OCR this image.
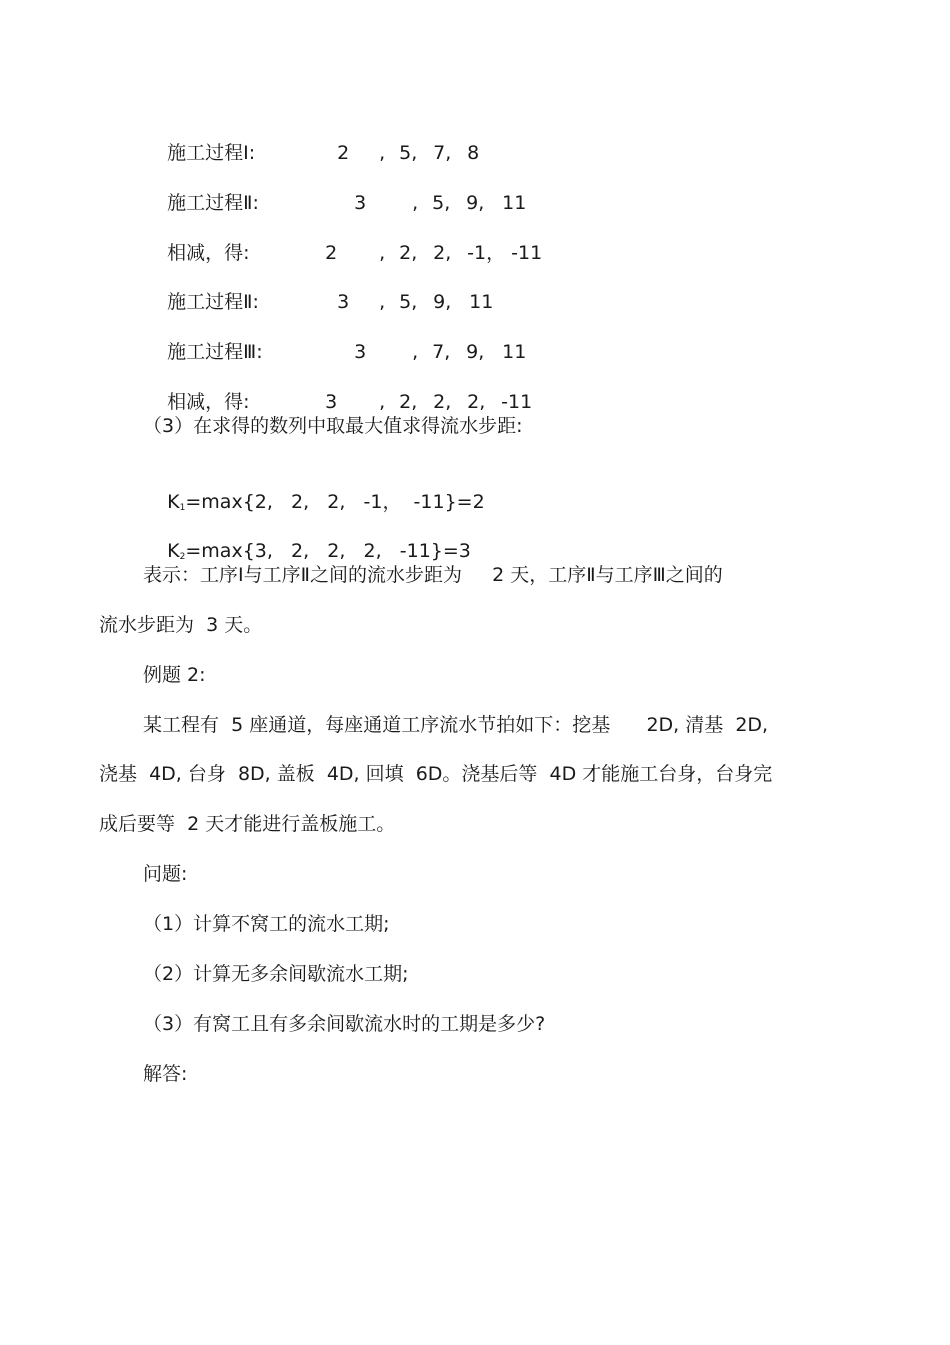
施工过程Ⅰ:	2 , 5, 7, 8

施工过程Ⅱ:	3 , 5, 9, 11

相减，得:	2 , 2, 2, -1， -11

施工过程Ⅱ:	3 , 5, 9, 11

施工过程Ⅲ:	3 , 7, 9, 11

相减，得:	3 , 2, 2, 2, -11

（3）在求得的数列中取最大值求得流水步距:

$K_1=\max\{2$,   2,   2,   -1，  -11}=2

$K_2=\max\{3$,   2,   2,   2,   -11}=3

表示：工序Ⅰ与工序Ⅱ之间的流水步距为     2 天，工序Ⅱ与工序Ⅲ之间的
流水步距为  3 天。
例题 2:
某工程有  5 座通道，每座通道工序流水节拍如下：挖基      2D, 清基  2D,
浇基  4D, 台身  8D, 盖板  4D, 回填  6D。浇基后等  4D 才能施工台身，台身完
成后要等  2 天才能进行盖板施工。
问题:
（1）计算不窝工的流水工期;
（2）计算无多余间歇流水工期;
（3）有窝工且有多余间歇流水时的工期是多少?
解答:
